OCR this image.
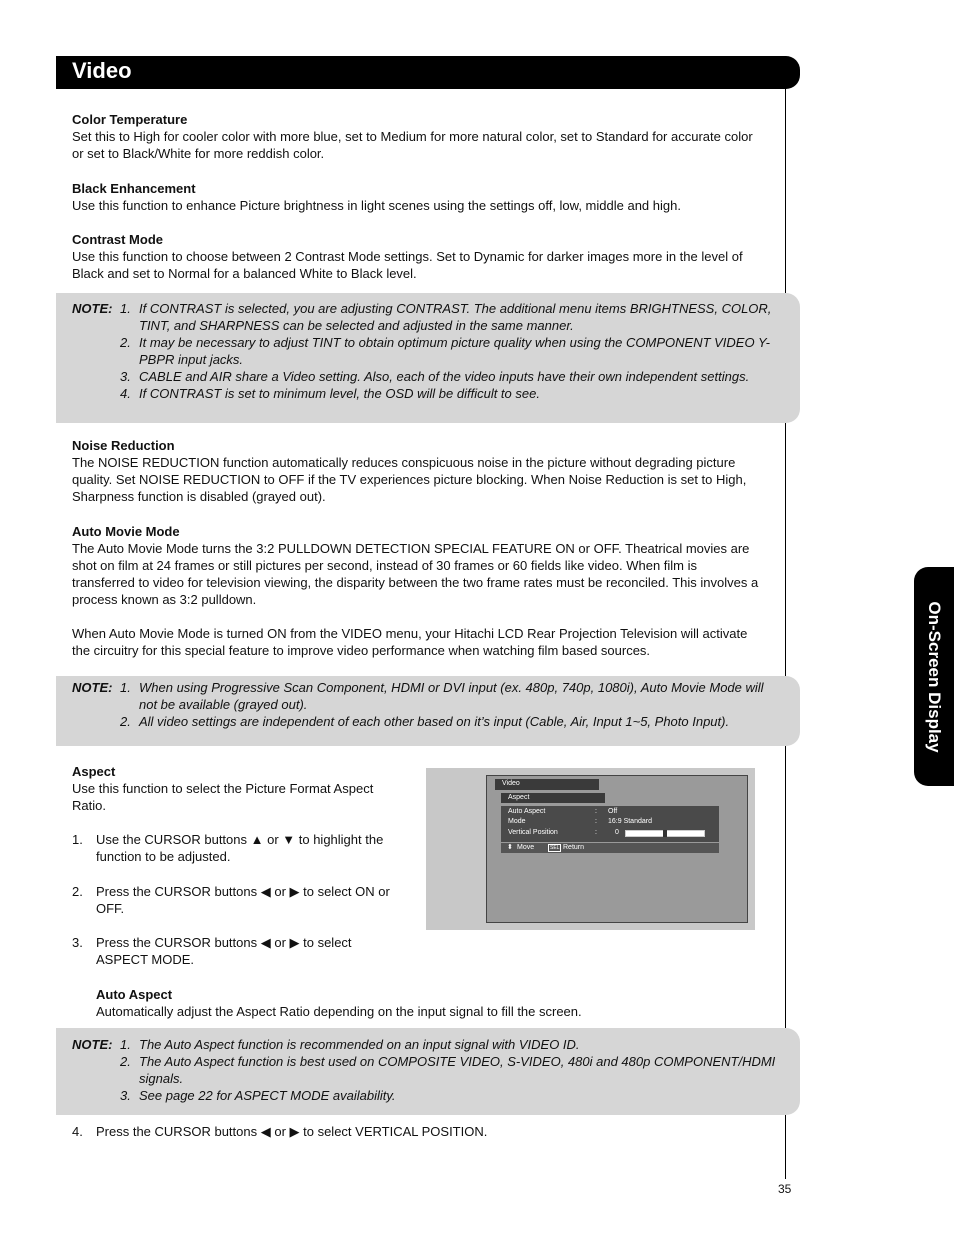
Video
On-Screen Display
Color Temperature

Set this to High for cooler color with more blue, set to Medium for more natural color, set to Standard for accurate color or set to Black/White for more reddish color.

Black Enhancement

Use this function to enhance Picture brightness in light scenes using the settings off, low, middle and high.

Contrast Mode

Use this function to choose between 2 Contrast Mode settings. Set to Dynamic for darker images more in the level of Black and set to Normal for a balanced White to Black level.

NOTE: 1. If CONTRAST is selected, you are adjusting CONTRAST. The additional menu items BRIGHTNESS, COLOR, TINT, and SHARPNESS can be selected and adjusted in the same manner.
2. It may be necessary to adjust TINT to obtain optimum picture quality when using the COMPONENT VIDEO Y-PBPR input jacks.
3. CABLE and AIR share a Video setting. Also, each of the video inputs have their own independent settings.
4. If CONTRAST is set to minimum level, the OSD will be difficult to see.
Noise Reduction

The NOISE REDUCTION function automatically reduces conspicuous noise in the picture without degrading picture quality. Set NOISE REDUCTION to OFF if the TV experiences picture blocking. When Noise Reduction is set to High, Sharpness function is disabled (grayed out).

Auto Movie Mode

The Auto Movie Mode turns the 3:2 PULLDOWN DETECTION SPECIAL FEATURE ON or OFF. Theatrical movies are shot on film at 24 frames or still pictures per second, instead of 30 frames or 60 fields like video. When film is transferred to video for television viewing, the disparity between the two frame rates must be reconciled. This involves a process known as 3:2 pulldown.

When Auto Movie Mode is turned ON from the VIDEO menu, your Hitachi LCD Rear Projection Television will activate the circuitry for this special feature to improve video performance when watching film based sources.

NOTE: 1. When using Progressive Scan Component, HDMI or DVI input (ex. 480p, 740p, 1080i), Auto Movie Mode will not be available (grayed out).
2. All video settings are independent of each other based on it’s input (Cable, Air, Input 1~5, Photo Input).
Aspect

Use this function to select the Picture Format Aspect Ratio.

1. Use the CURSOR buttons ▲ or ▼ to highlight the function to be adjusted.
2. Press the CURSOR buttons ◀ or ▶ to select ON or OFF.
3. Press the CURSOR buttons ◀ or ▶ to select ASPECT MODE.
Auto Aspect

Automatically adjust the Aspect Ratio depending on the input signal to fill the screen.

NOTE: 1. The Auto Aspect function is recommended on an input signal with VIDEO ID.
2. The Auto Aspect function is best used on COMPOSITE VIDEO, S-VIDEO, 480i and 480p COMPONENT/HDMI signals.
3. See page 22 for ASPECT MODE availability.
4. Press the CURSOR buttons ◀ or ▶ to select VERTICAL POSITION.
Video
Aspect
Auto Aspect	: Off
Mode	: 16:9 Standard
Vertical Position	:	0
⬍ Move	SEL Return
35
